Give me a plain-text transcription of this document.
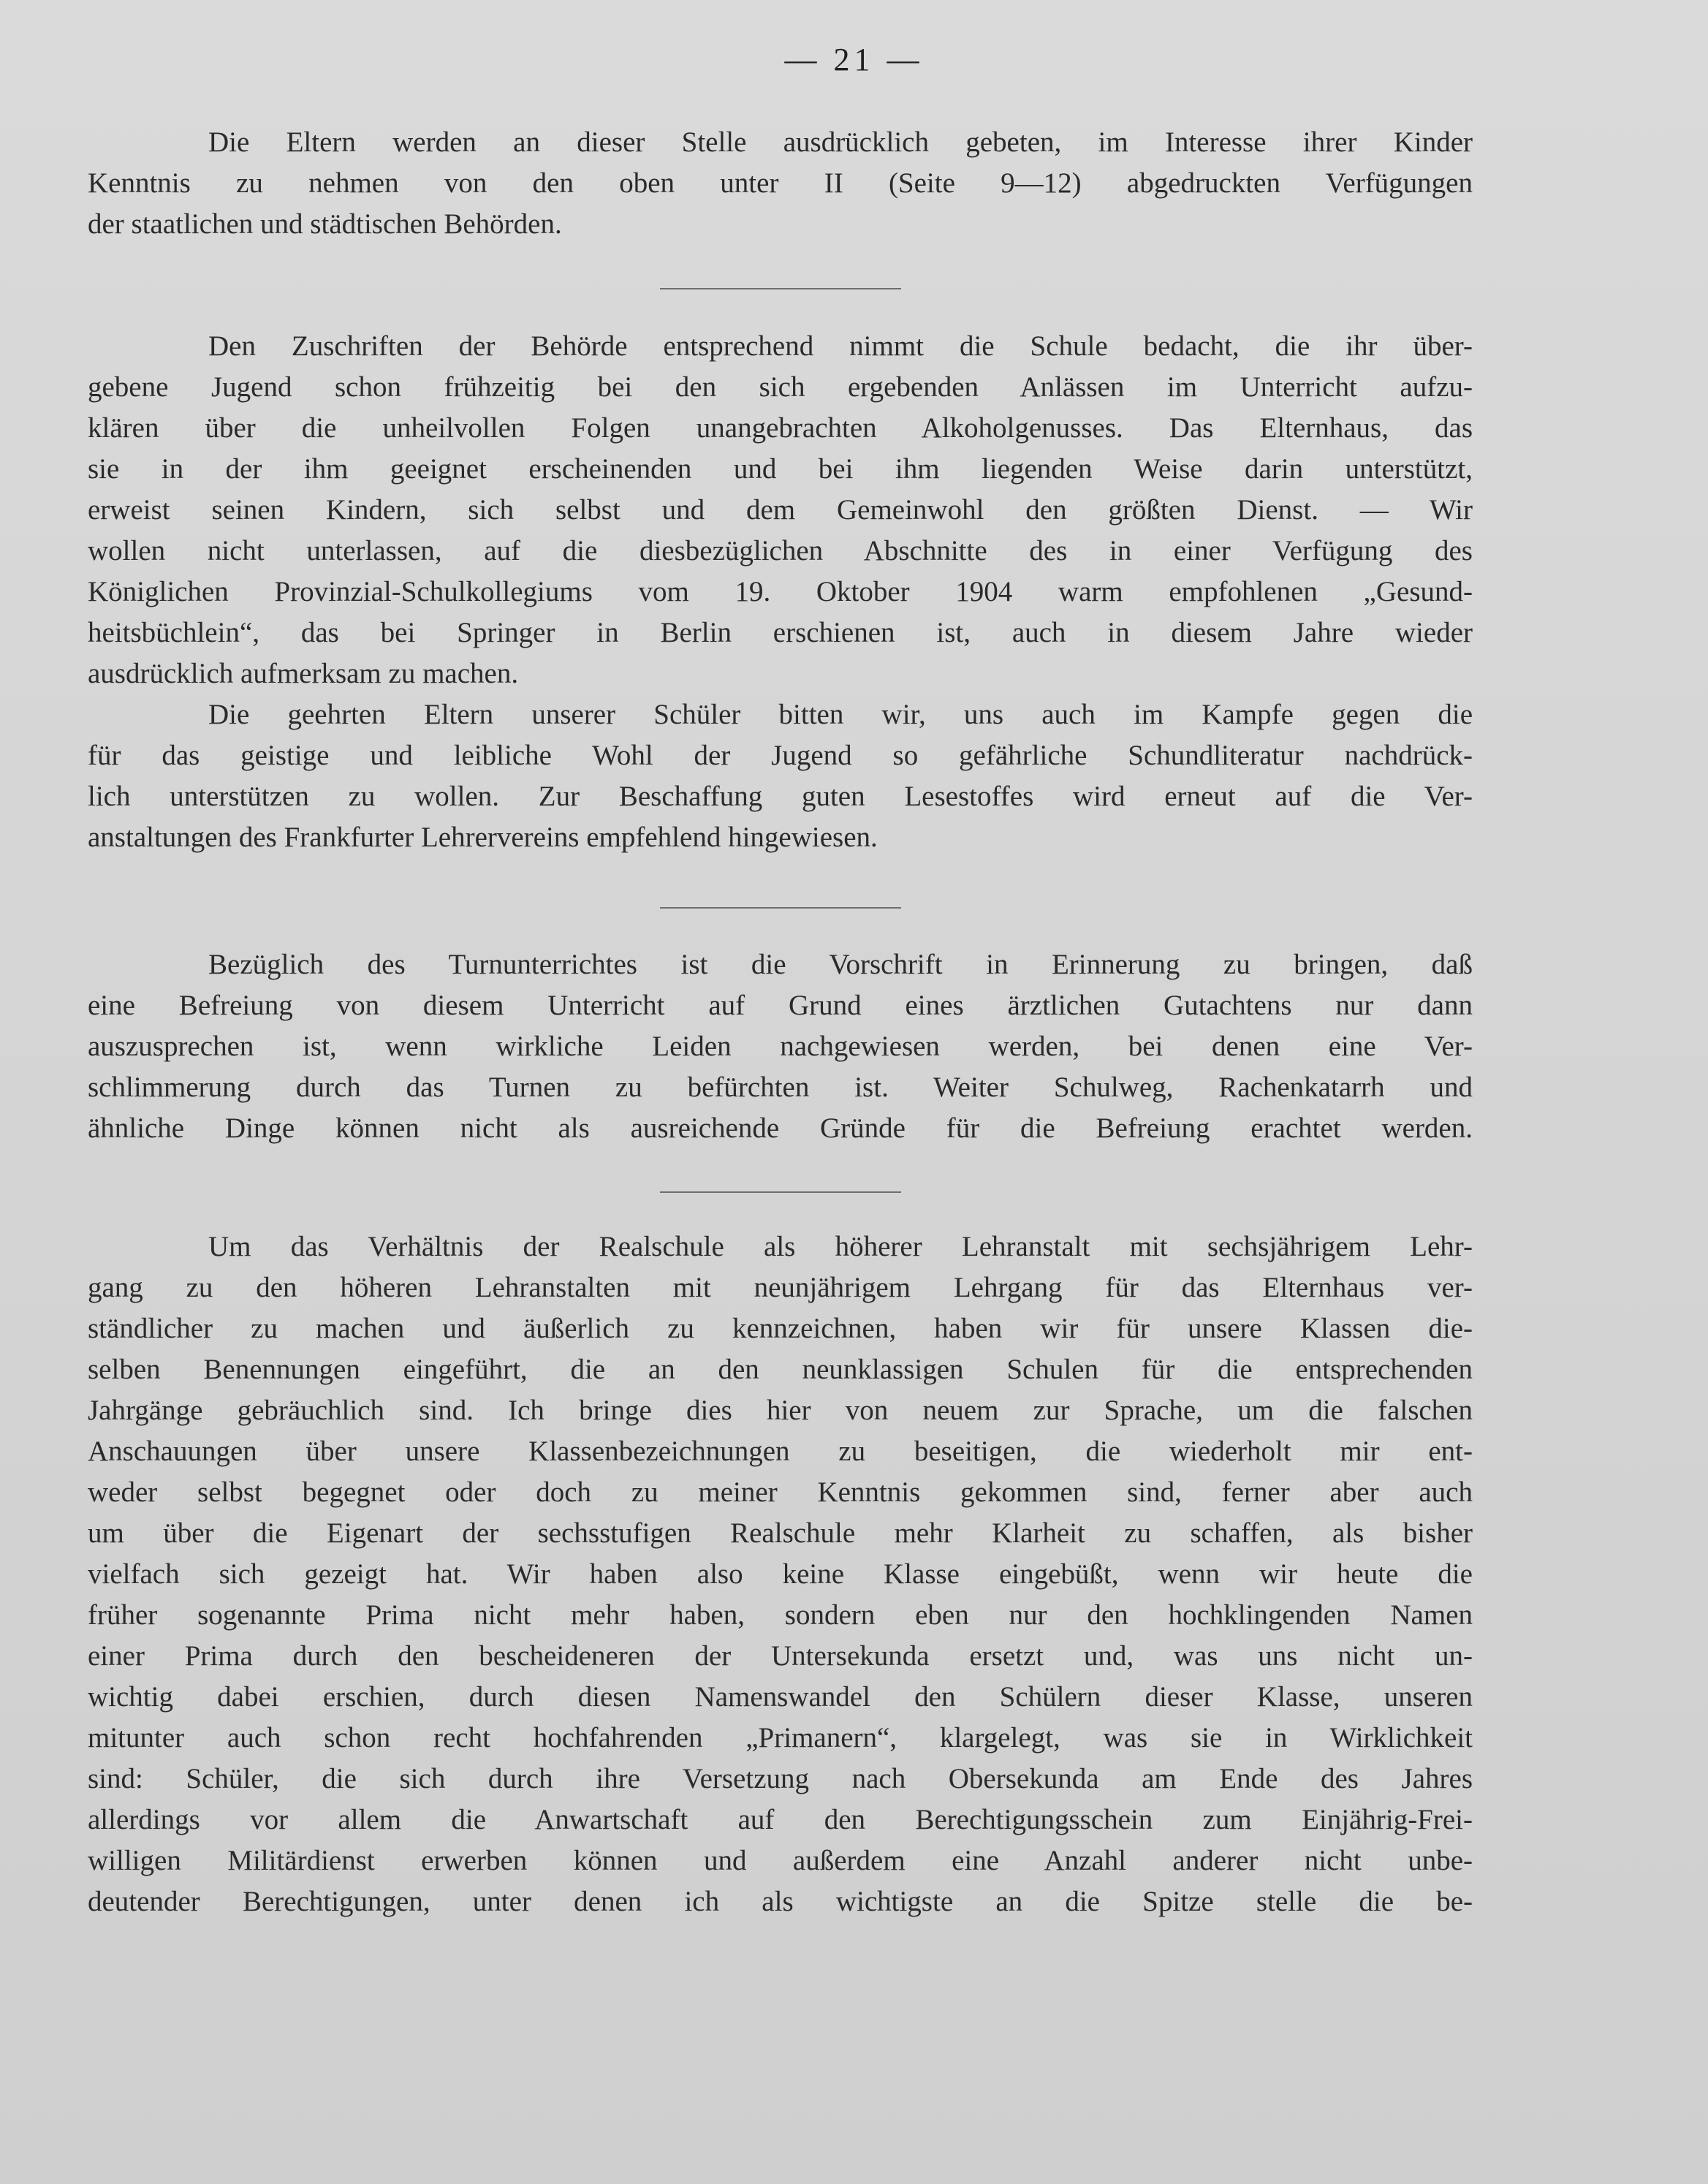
— 21 —
Die Eltern werden an dieser Stelle ausdrücklich gebeten, im Interesse ihrer Kinder
Kenntnis zu nehmen von den oben unter II (Seite 9—12) abgedruckten Verfügungen
der staatlichen und städtischen Behörden.
Den Zuschriften der Behörde entsprechend nimmt die Schule bedacht, die ihr über-
gebene Jugend schon frühzeitig bei den sich ergebenden Anlässen im Unterricht aufzu-
klären über die unheilvollen Folgen unangebrachten Alkoholgenusses. Das Elternhaus, das
sie in der ihm geeignet erscheinenden und bei ihm liegenden Weise darin unterstützt,
erweist seinen Kindern, sich selbst und dem Gemeinwohl den größten Dienst. — Wir
wollen nicht unterlassen, auf die diesbezüglichen Abschnitte des in einer Verfügung des
Königlichen Provinzial-Schulkollegiums vom 19. Oktober 1904 warm empfohlenen „Gesund-
heitsbüchlein“, das bei Springer in Berlin erschienen ist, auch in diesem Jahre wieder
ausdrücklich aufmerksam zu machen.
Die geehrten Eltern unserer Schüler bitten wir, uns auch im Kampfe gegen die
für das geistige und leibliche Wohl der Jugend so gefährliche Schundliteratur nachdrück-
lich unterstützen zu wollen. Zur Beschaffung guten Lesestoffes wird erneut auf die Ver-
anstaltungen des Frankfurter Lehrervereins empfehlend hingewiesen.
Bezüglich des Turnunterrichtes ist die Vorschrift in Erinnerung zu bringen, daß
eine Befreiung von diesem Unterricht auf Grund eines ärztlichen Gutachtens nur dann
auszusprechen ist, wenn wirkliche Leiden nachgewiesen werden, bei denen eine Ver-
schlimmerung durch das Turnen zu befürchten ist. Weiter Schulweg, Rachenkatarrh und
ähnliche Dinge können nicht als ausreichende Gründe für die Befreiung erachtet werden.
Um das Verhältnis der Realschule als höherer Lehranstalt mit sechsjährigem Lehr-
gang zu den höheren Lehranstalten mit neunjährigem Lehrgang für das Elternhaus ver-
ständlicher zu machen und äußerlich zu kennzeichnen, haben wir für unsere Klassen die-
selben Benennungen eingeführt, die an den neunklassigen Schulen für die entsprechenden
Jahrgänge gebräuchlich sind. Ich bringe dies hier von neuem zur Sprache, um die falschen
Anschauungen über unsere Klassenbezeichnungen zu beseitigen, die wiederholt mir ent-
weder selbst begegnet oder doch zu meiner Kenntnis gekommen sind, ferner aber auch
um über die Eigenart der sechsstufigen Realschule mehr Klarheit zu schaffen, als bisher
vielfach sich gezeigt hat. Wir haben also keine Klasse eingebüßt, wenn wir heute die
früher sogenannte Prima nicht mehr haben, sondern eben nur den hochklingenden Namen
einer Prima durch den bescheideneren der Untersekunda ersetzt und, was uns nicht un-
wichtig dabei erschien, durch diesen Namenswandel den Schülern dieser Klasse, unseren
mitunter auch schon recht hochfahrenden „Primanern“, klargelegt, was sie in Wirklichkeit
sind: Schüler, die sich durch ihre Versetzung nach Obersekunda am Ende des Jahres
allerdings vor allem die Anwartschaft auf den Berechtigungsschein zum Einjährig-Frei-
willigen Militärdienst erwerben können und außerdem eine Anzahl anderer nicht unbe-
deutender Berechtigungen, unter denen ich als wichtigste an die Spitze stelle die be-
